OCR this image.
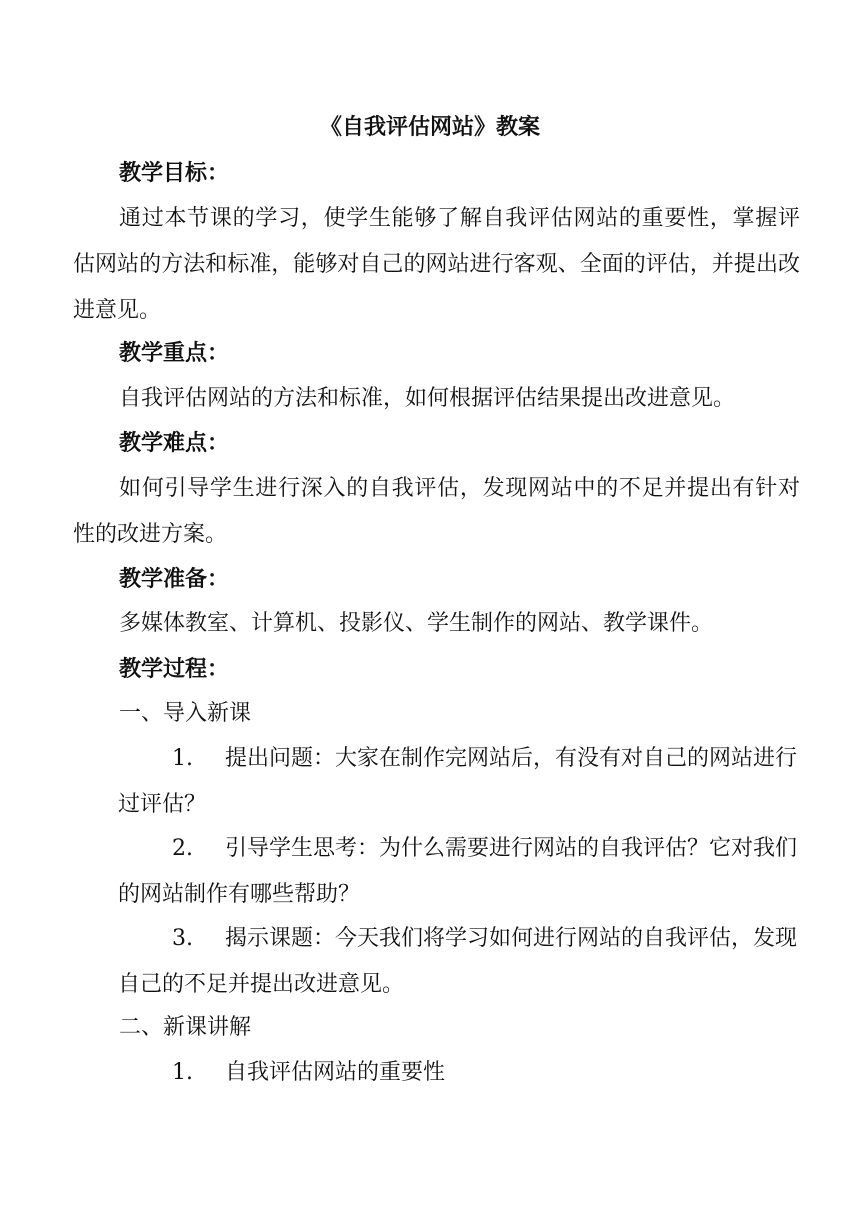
《自我评估网站》教案
教学目标：
通过本节课的学习，使学生能够了解自我评估网站的重要性，掌握评估网站的方法和标准，能够对自己的网站进行客观、全面的评估，并提出改进意见。
教学重点：
自我评估网站的方法和标准，如何根据评估结果提出改进意见。
教学难点：
如何引导学生进行深入的自我评估，发现网站中的不足并提出有针对性的改进方案。
教学准备：
多媒体教室、计算机、投影仪、学生制作的网站、教学课件。
教学过程：
一、导入新课
1. 提出问题：大家在制作完网站后，有没有对自己的网站进行过评估？
2. 引导学生思考：为什么需要进行网站的自我评估？它对我们的网站制作有哪些帮助？
3. 揭示课题：今天我们将学习如何进行网站的自我评估，发现自己的不足并提出改进意见。
二、新课讲解
1. 自我评估网站的重要性
